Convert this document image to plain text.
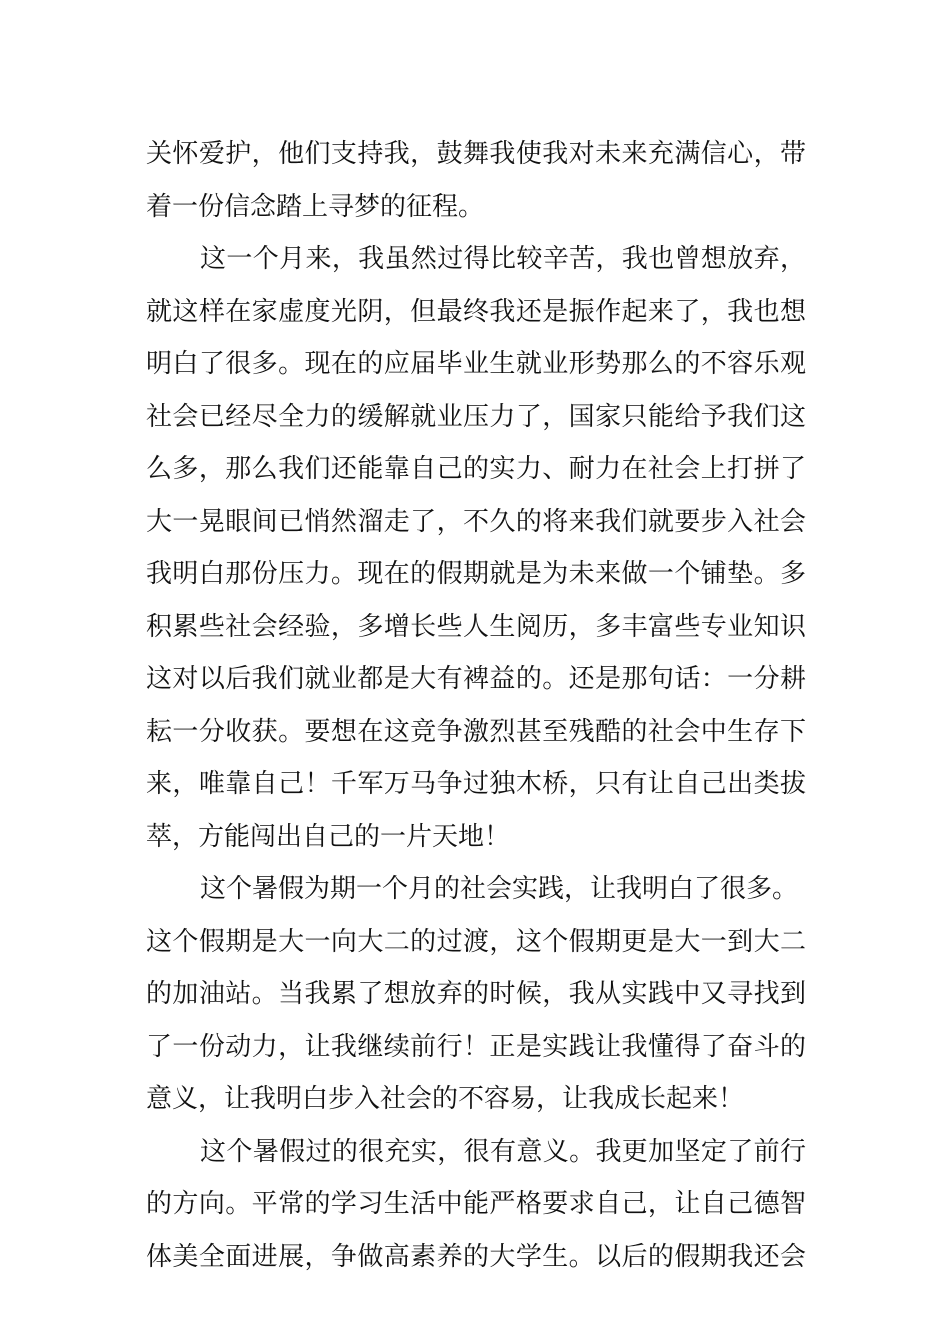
关怀爱护，他们支持我，鼓舞我使我对未来充满信心，带
着一份信念踏上寻梦的征程。
这一个月来，我虽然过得比较辛苦，我也曾想放弃，
就这样在家虚度光阴，但最终我还是振作起来了，我也想
明白了很多。现在的应届毕业生就业形势那么的不容乐观
社会已经尽全力的缓解就业压力了，国家只能给予我们这
么多，那么我们还能靠自己的实力、耐力在社会上打拼了
大一晃眼间已悄然溜走了，不久的将来我们就要步入社会
我明白那份压力。现在的假期就是为未来做一个铺垫。多
积累些社会经验，多增长些人生阅历，多丰富些专业知识
这对以后我们就业都是大有裨益的。还是那句话：一分耕
耘一分收获。要想在这竞争激烈甚至残酷的社会中生存下
来，唯靠自己！千军万马争过独木桥，只有让自己出类拔
萃，方能闯出自己的一片天地！
这个暑假为期一个月的社会实践，让我明白了很多。
这个假期是大一向大二的过渡，这个假期更是大一到大二
的加油站。当我累了想放弃的时候，我从实践中又寻找到
了一份动力，让我继续前行！正是实践让我懂得了奋斗的
意义，让我明白步入社会的不容易，让我成长起来！
这个暑假过的很充实，很有意义。我更加坚定了前行
的方向。平常的学习生活中能严格要求自己，让自己德智
体美全面进展，争做高素养的大学生。以后的假期我还会
